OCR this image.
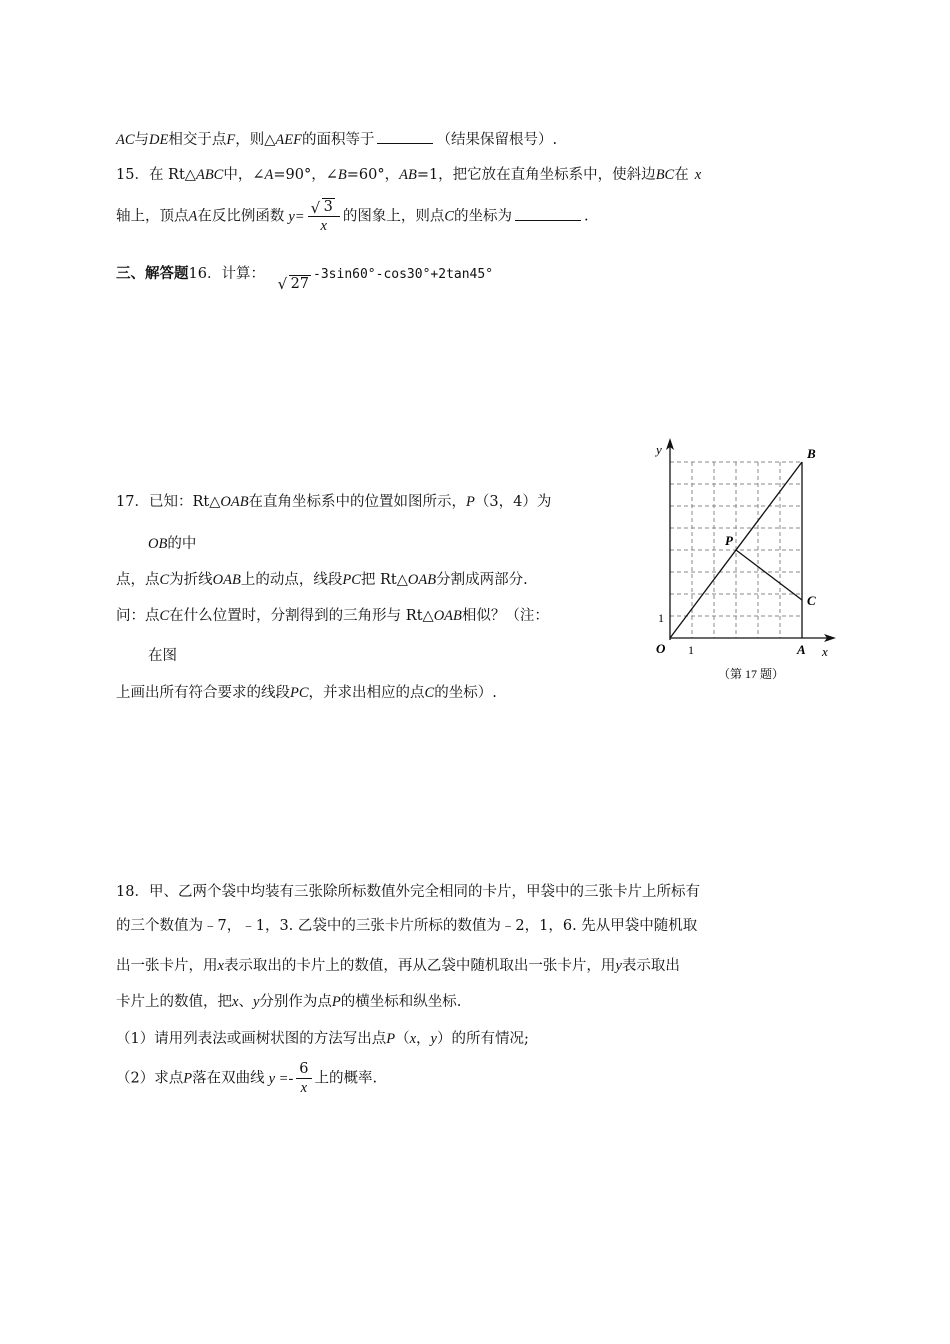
AC与DE相交于点F，则△AEF的面积等于	（结果保留根号）.
15．在 Rt△ABC中，∠A=90°，∠B=60°，AB=1，把它放在直角坐标系中，使斜边BC在 x
轴上，顶点A在反比例函数 $y= \frac{√ 3}{x}$ 的图象上，则点C的坐标为	.
三、解答题16．计算：
√ 27-3sin60°-cos30°+2tan45°
17．已知：Rt△OAB在直角坐标系中的位置如图所示，P（3，4）为
OB的中
点，点C为折线OAB上的动点，线段PC把 Rt△OAB分割成两部分.
问：点C在什么位置时，分割得到的三角形与 Rt△OAB相似？（注：
在图
上画出所有符合要求的线段PC，并求出相应的点C的坐标）.
y
x
O	A
B
C
P
1
1
（第 17 题）
18．甲、乙两个袋中均装有三张除所标数值外完全相同的卡片，甲袋中的三张卡片上所标有
的三个数值为﹣7，﹣1，3. 乙袋中的三张卡片所标的数值为﹣2，1，6. 先从甲袋中随机取
出一张卡片，用x表示取出的卡片上的数值，再从乙袋中随机取出一张卡片，用y表示取出
卡片上的数值，把x、y分别作为点P的横坐标和纵坐标.
（1）请用列表法或画树状图的方法写出点P（x，y）的所有情况;
（2）求点P落在双曲线 $y =- \frac{6}{x}$ 上的概率.
